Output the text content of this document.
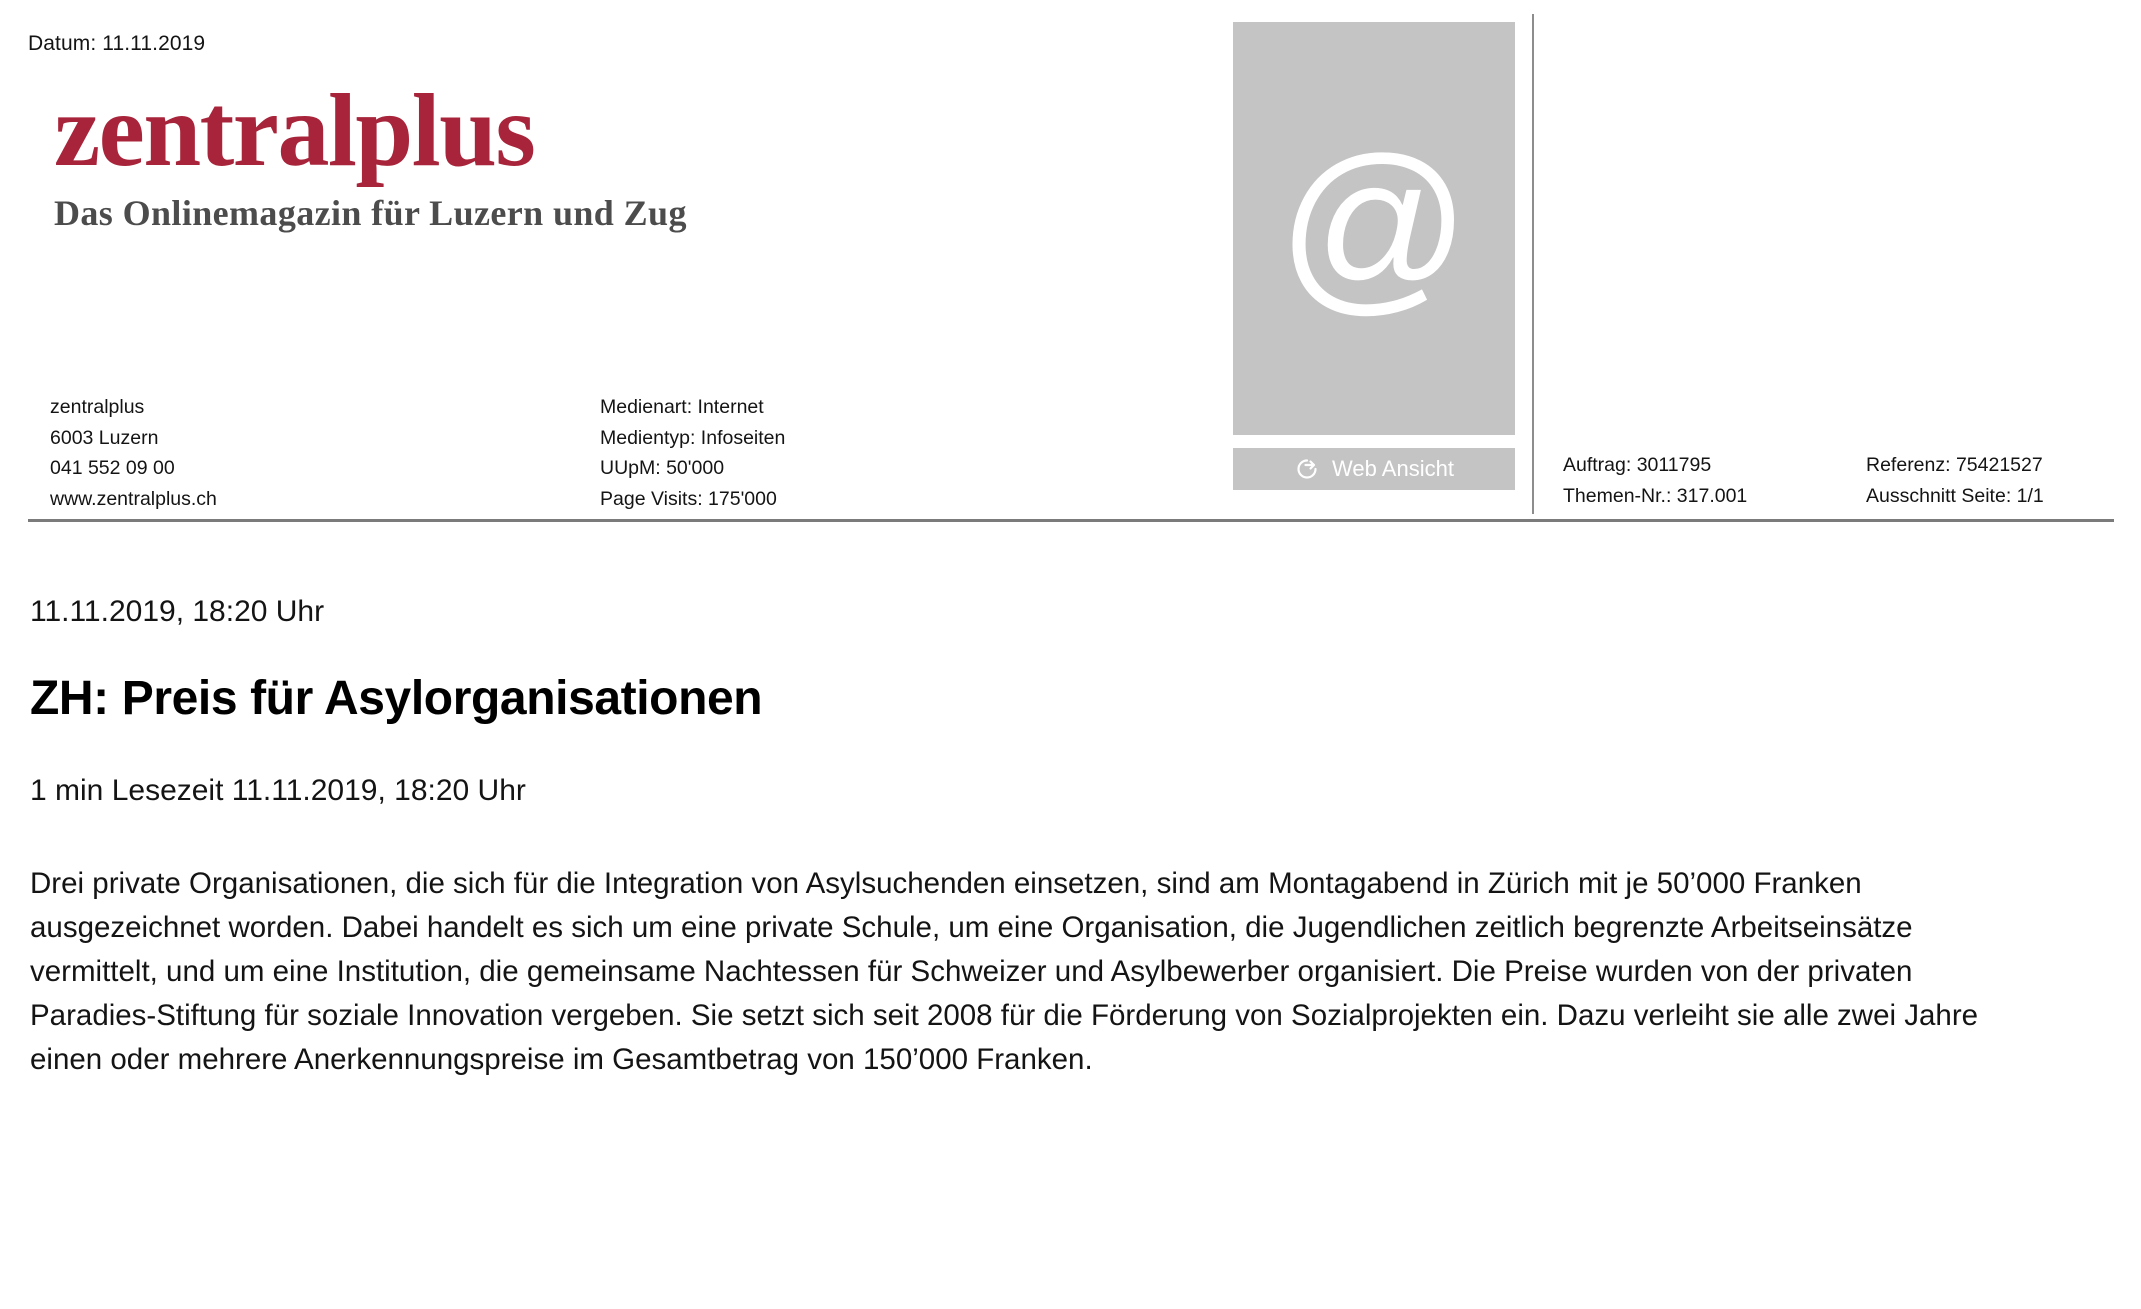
Datum: 11.11.2019
zentralplus
Das Onlinemagazin für Luzern und Zug
zentralplus
6003 Luzern
041 552 09 00
www.zentralplus.ch
Medienart: Internet
Medientyp: Infoseiten
UUpM: 50'000
Page Visits: 175'000
@
Web Ansicht	Auftrag: 3011795
Themen-Nr.: 317.001
Referenz: 75421527
Ausschnitt Seite: 1/1
11.11.2019, 18:20 Uhr
ZH: Preis für Asylorganisationen
1 min Lesezeit 11.11.2019, 18:20 Uhr

Drei private Organisationen, die sich für die Integration von Asylsuchenden einsetzen, sind am Montagabend in Zürich mit je 50’000 Franken ausgezeichnet worden. Dabei handelt es sich um eine private Schule, um eine Organisation, die Jugendlichen zeitlich begrenzte Arbeitseinsätze vermittelt, und um eine Institution, die gemeinsame Nachtessen für Schweizer und Asylbewerber organisiert. Die Preise wurden von der privaten Paradies-Stiftung für soziale Innovation vergeben. Sie setzt sich seit 2008 für die Förderung von Sozialprojekten ein. Dazu verleiht sie alle zwei Jahre einen oder mehrere Anerkennungspreise im Gesamtbetrag von 150’000 Franken.
